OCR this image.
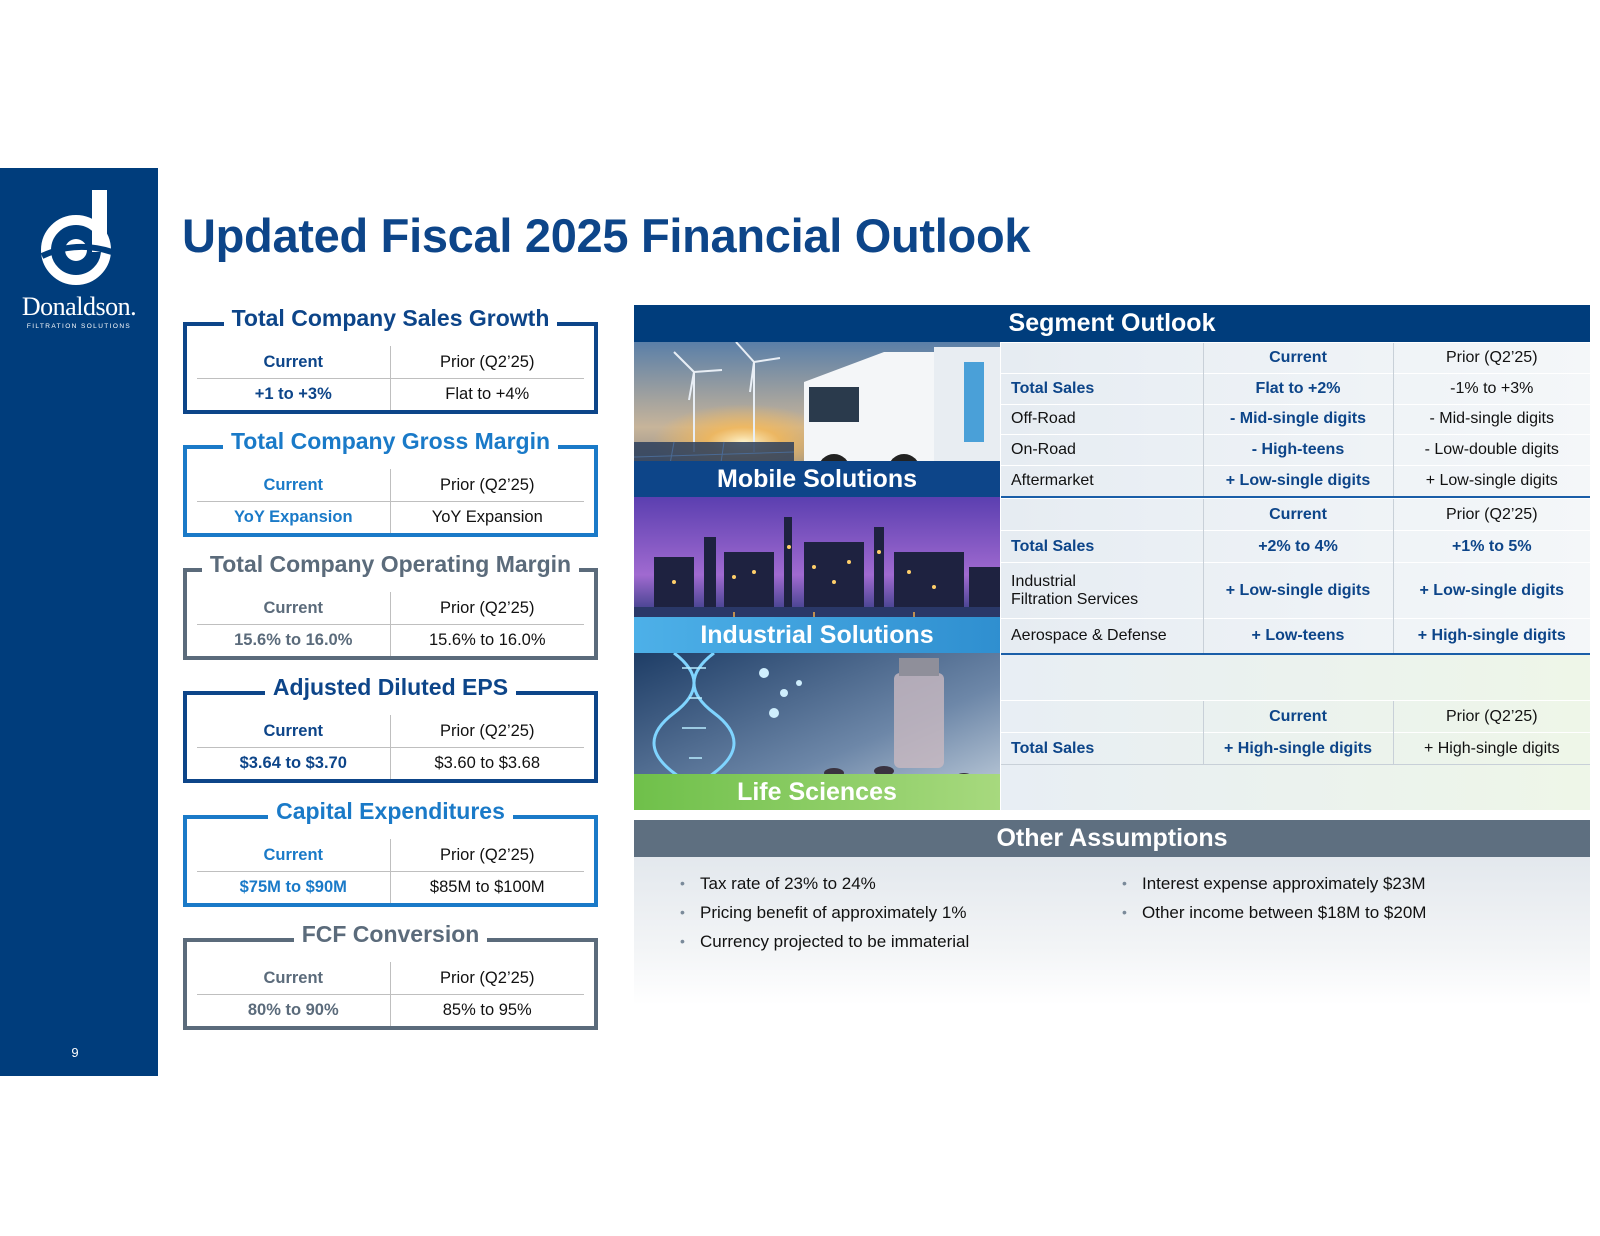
Donaldson.
FILTRATION SOLUTIONS
9
Updated Fiscal 2025 Financial Outlook
Total Company Sales Growth
Current	Prior (Q2’25)
+1 to +3%	Flat to +4%
Total Company Gross Margin
Current	Prior (Q2’25)
YoY Expansion	YoY Expansion
Total Company Operating Margin
Current	Prior (Q2’25)
15.6% to 16.0%	15.6% to 16.0%
Adjusted Diluted EPS
Current	Prior (Q2’25)
$3.64 to $3.70	$3.60 to $3.68
Capital Expenditures
Current	Prior (Q2’25)
$75M to $90M	$85M to $100M
FCF Conversion
Current	Prior (Q2’25)
80% to 90%	85% to 95%
Segment Outlook
Mobile Solutions
Industrial Solutions
Life Sciences
	Current	Prior (Q2’25)
Total Sales	Flat to +2%	-1% to +3%
Off-Road	- Mid-single digits	- Mid-single digits
On-Road	- High-teens	- Low-double digits
Aftermarket	+ Low-single digits	+ Low-single digits
	Current	Prior (Q2’25)
Total Sales	+2% to 4%	+1% to 5%
Industrial
Filtration Services	+ Low-single digits	+ Low-single digits
Aerospace & Defense	+ Low-teens	+ High-single digits
	Current	Prior (Q2’25)
Total Sales	+ High-single digits	+ High-single digits
Other Assumptions
• Tax rate of 23% to 24%
• Pricing benefit of approximately 1%
• Currency projected to be immaterial
• Interest expense approximately $23M
• Other income between $18M to $20M
